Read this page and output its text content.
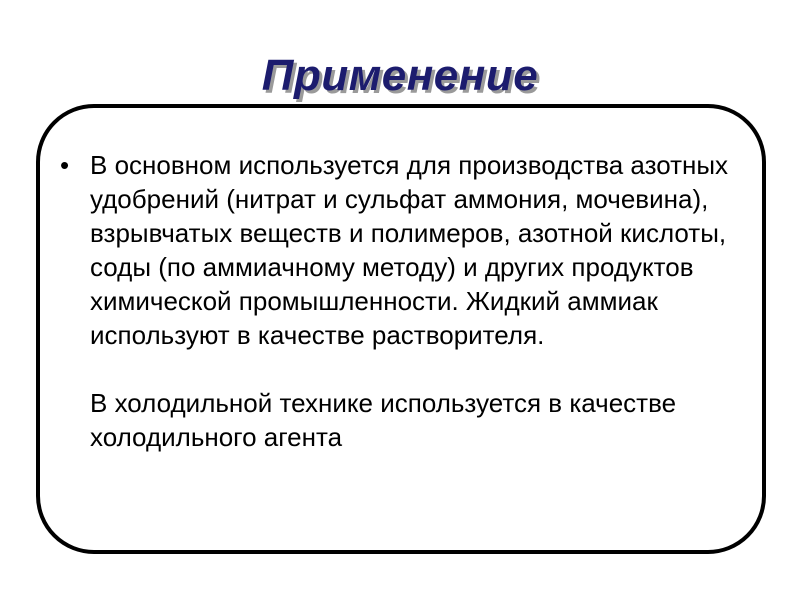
Применение
• В основном используется для производства азотных удобрений (нитрат и сульфат аммония, мочевина), взрывчатых веществ и полимеров, азотной кислоты, соды (по аммиачному методу) и других продуктов химической промышленности. Жидкий аммиак используют в качестве растворителя.
В холодильной технике используется в качестве холодильного агента
